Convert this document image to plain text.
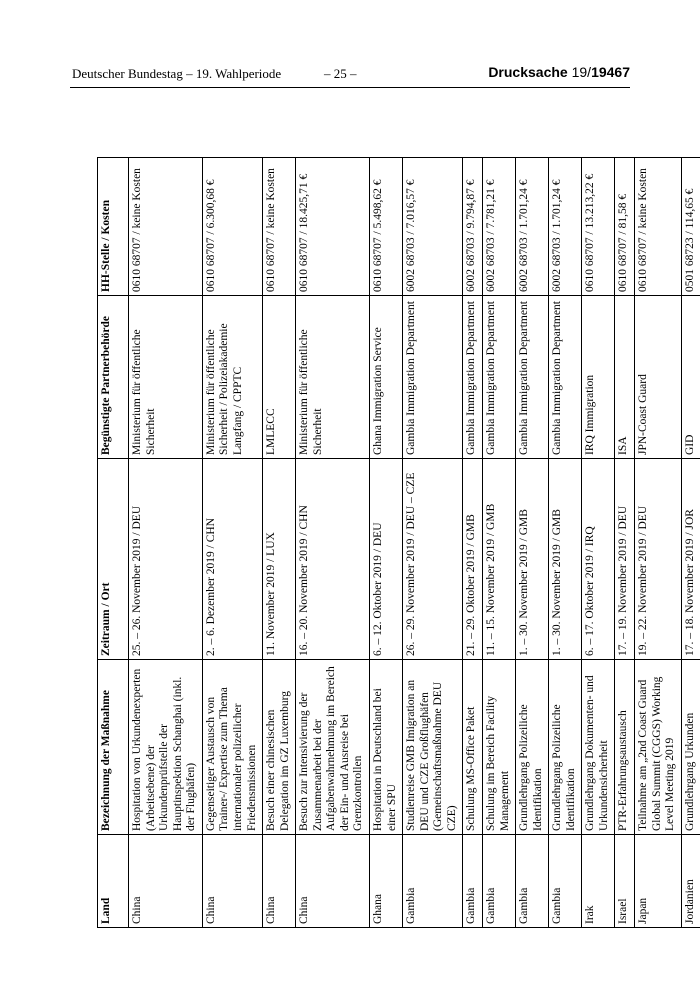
Deutscher Bundestag – 19. Wahlperiode	– 25 –	Drucksache 19/19467
Land	Bezeichnung der Maßnahme	Zeitraum / Ort	Begünstigte Partnerbehörde	HH-Stelle / Kosten
China	Hospitation von Urkundenexperten (Arbeitsebene) der Urkundenprüfstelle der Hauptinspektion Schanghai (inkl. der Flughäfen)	25. – 26. November 2019 / DEU	Ministerium für öffentliche Sicherheit	0610 68707 / keine Kosten
China	Gegenseitiger Austausch von Trainer-/ Expertise zum Thema internationaler polizeilicher Friedensmissionen	2. – 6. Dezember 2019 / CHN	Ministerium für öffentliche Sicherheit / Polizeiakademie Langfang / CPPTC	0610 68707 / 6.300,68 €
China	Besuch einer chinesischen Delegation im GZ Luxemburg	11. November 2019 / LUX	LMLECC	0610 68707 / keine Kosten
China	Besuch zur Intensivierung der Zusammenarbeit bei der Aufgabenwahrnehmung im Bereich der Ein- und Ausreise bei Grenzkontrollen	16. – 20. November 2019 / CHN	Ministerium für öffentliche Sicherheit	0610 68707 / 18.425,71 €
Ghana	Hospitation in Deutschland bei einer SPU	6. – 12. Oktober 2019 / DEU	Ghana Immigration Service	0610 68707 / 5.498,62 €
Gambia	Studienreise GMB Imigration an DEU und CZE Großflughäfen (Gemeinschaftsmaßnahme DEU CZE)	26. – 29. November 2019 / DEU – CZE	Gambia Immigration Department	6002 68703 / 7.016,57 €
Gambia	Schulung MS-Office Paket	21. – 29. Oktober 2019 / GMB	Gambia Immigration Department	6002 68703 / 9.794,87 €
Gambia	Schulung im Bereich Facility Management	11. – 15. November 2019 / GMB	Gambia Immigration Department	6002 68703 / 7.781,21 €
Gambia	Grundlehrgang Polizeiliche Identifikation	1. – 30. November 2019 / GMB	Gambia Immigration Department	6002 68703 / 1.701,24 €
Gambia	Grundlehrgang Polizeiliche Identifikation	1. – 30. November 2019 / GMB	Gambia Immigration Department	6002 68703 / 1.701,24 €
Irak	Grundlehrgang Dokumenten- und Urkundensicherheit	6. – 17. Oktober 2019 / IRQ	IRQ Immigration	0610 68707 / 13.213,22 €
Israel	PTR-Erfahrungsaustausch	17. – 19. November 2019 / DEU	ISA	0610 68707 / 81,58 €
Japan	Teilnahme am „2nd Coast Guard Global Summit (CGGS) Working Level Meeting 2019	19. – 22. November 2019 / DEU	JPN-Coast Guard	0610 68707 / keine Kosten
Jordanien	Grundlehrgang Urkunden	17. – 18. November 2019 / JOR	GID	0501 68723 / 114,65 €
